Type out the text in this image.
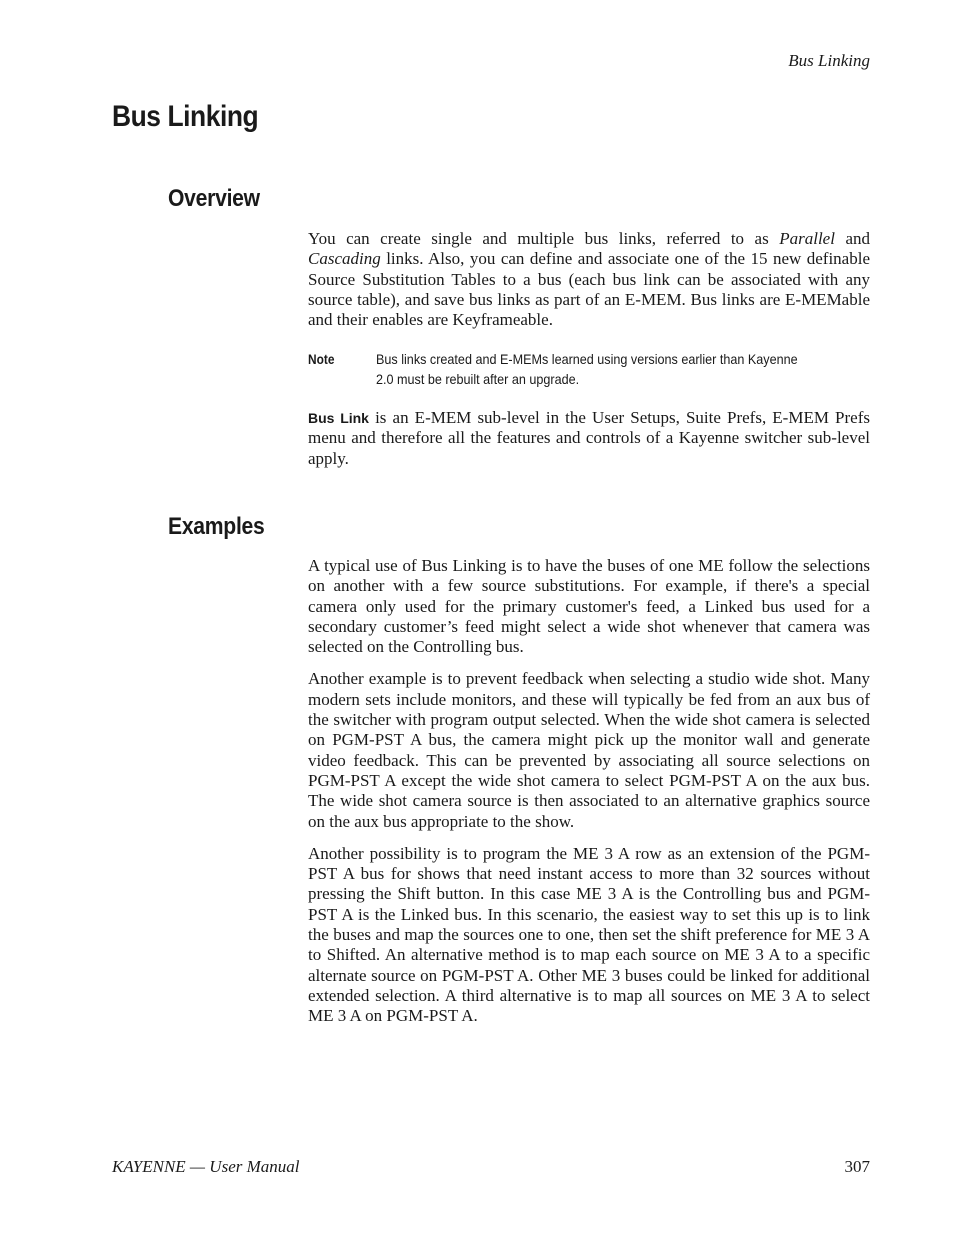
Bus Linking
Bus Linking
Overview

You can create single and multiple bus links, referred to as Parallel and Cascading links. Also, you can define and associate one of the 15 new definable Source Substitution Tables to a bus (each bus link can be associated with any source table), and save bus links as part of an E-MEM. Bus links are E-MEMable and their enables are Keyframeable.

Note	Bus links created and E-MEMs learned using versions earlier than Kayenne 2.0 must be rebuilt after an upgrade.

Bus Link is an E-MEM sub-level in the User Setups, Suite Prefs, E-MEM Prefs menu and therefore all the features and controls of a Kayenne switcher sub-level apply.

Examples

A typical use of Bus Linking is to have the buses of one ME follow the selections on another with a few source substitutions. For example, if there's a special camera only used for the primary customer's feed, a Linked bus used for a secondary customer’s feed might select a wide shot whenever that camera was selected on the Controlling bus.

Another example is to prevent feedback when selecting a studio wide shot. Many modern sets include monitors, and these will typically be fed from an aux bus of the switcher with program output selected. When the wide shot camera is selected on PGM-PST A bus, the camera might pick up the monitor wall and generate video feedback. This can be prevented by associating all source selections on PGM-PST A except the wide shot camera to select PGM-PST A on the aux bus. The wide shot camera source is then associated to an alternative graphics source on the aux bus appropriate to the show.

Another possibility is to program the ME 3 A row as an extension of the PGM-PST A bus for shows that need instant access to more than 32 sources without pressing the Shift button. In this case ME 3 A is the Controlling bus and PGM-PST A is the Linked bus. In this scenario, the easiest way to set this up is to link the buses and map the sources one to one, then set the shift preference for ME 3 A to Shifted. An alternative method is to map each source on ME 3 A to a specific alternate source on PGM-PST A. Other ME 3 buses could be linked for additional extended selection. A third alternative is to map all sources on ME 3 A to select ME 3 A on PGM-PST A.

KAYENNE — User Manual	307
